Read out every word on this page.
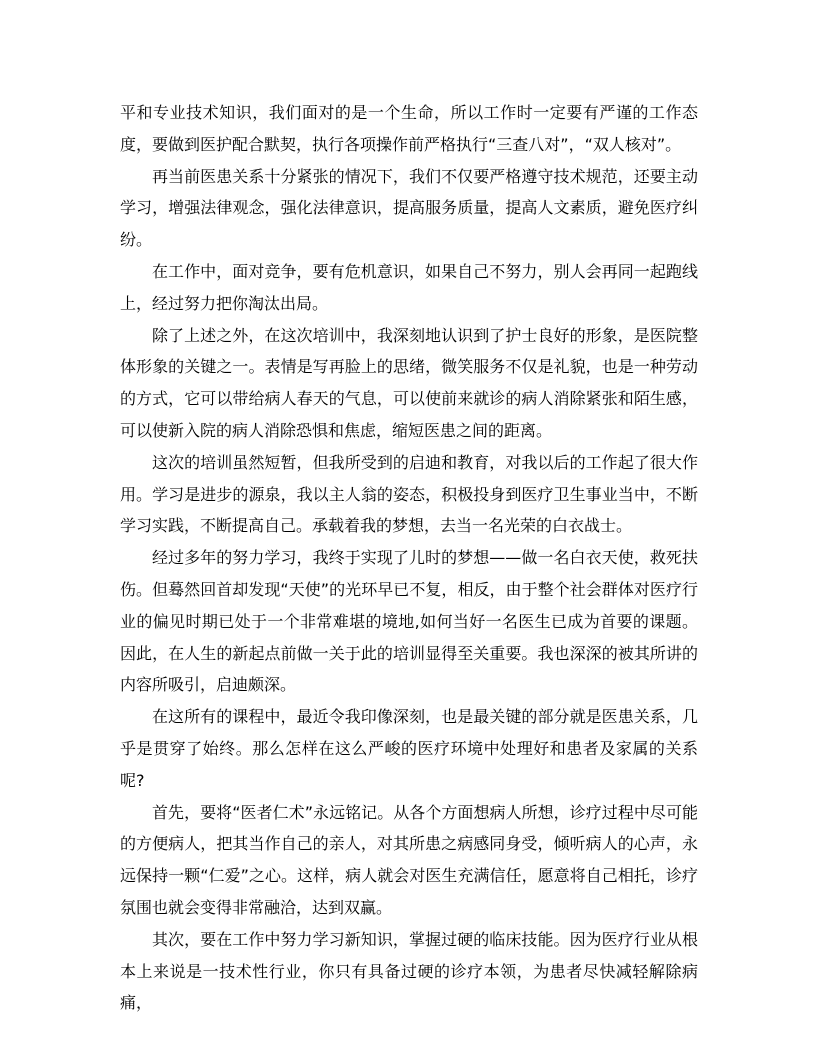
平和专业技术知识，我们面对的是一个生命，所以工作时一定要有严谨的工作态度，要做到医护配合默契，执行各项操作前严格执行“三查八对”，“双人核对”。

再当前医患关系十分紧张的情况下，我们不仅要严格遵守技术规范，还要主动学习，增强法律观念，强化法律意识，提高服务质量，提高人文素质，避免医疗纠纷。

在工作中，面对竞争，要有危机意识，如果自己不努力，别人会再同一起跑线上，经过努力把你淘汰出局。

除了上述之外，在这次培训中，我深刻地认识到了护士良好的形象，是医院整体形象的关键之一。表情是写再脸上的思绪，微笑服务不仅是礼貌，也是一种劳动的方式，它可以带给病人春天的气息，可以使前来就诊的病人消除紧张和陌生感，可以使新入院的病人消除恐惧和焦虑，缩短医患之间的距离。

这次的培训虽然短暂，但我所受到的启迪和教育，对我以后的工作起了很大作用。学习是进步的源泉，我以主人翁的姿态，积极投身到医疗卫生事业当中，不断学习实践，不断提高自己。承载着我的梦想，去当一名光荣的白衣战士。

经过多年的努力学习，我终于实现了儿时的梦想——做一名白衣天使，救死扶伤。但蓦然回首却发现“天使”的光环早已不复，相反，由于整个社会群体对医疗行业的偏见时期已处于一个非常难堪的境地,如何当好一名医生已成为首要的课题。因此，在人生的新起点前做一关于此的培训显得至关重要。我也深深的被其所讲的内容所吸引，启迪颇深。

在这所有的课程中，最近令我印像深刻，也是最关键的部分就是医患关系，几乎是贯穿了始终。那么怎样在这么严峻的医疗环境中处理好和患者及家属的关系呢?

首先，要将“医者仁术”永远铭记。从各个方面想病人所想，诊疗过程中尽可能的方便病人，把其当作自己的亲人，对其所患之病感同身受，倾听病人的心声，永远保持一颗“仁爱”之心。这样，病人就会对医生充满信任，愿意将自己相托，诊疗氛围也就会变得非常融洽，达到双赢。

其次，要在工作中努力学习新知识，掌握过硬的临床技能。因为医疗行业从根本上来说是一技术性行业，你只有具备过硬的诊疗本领，为患者尽快减轻解除病痛，
